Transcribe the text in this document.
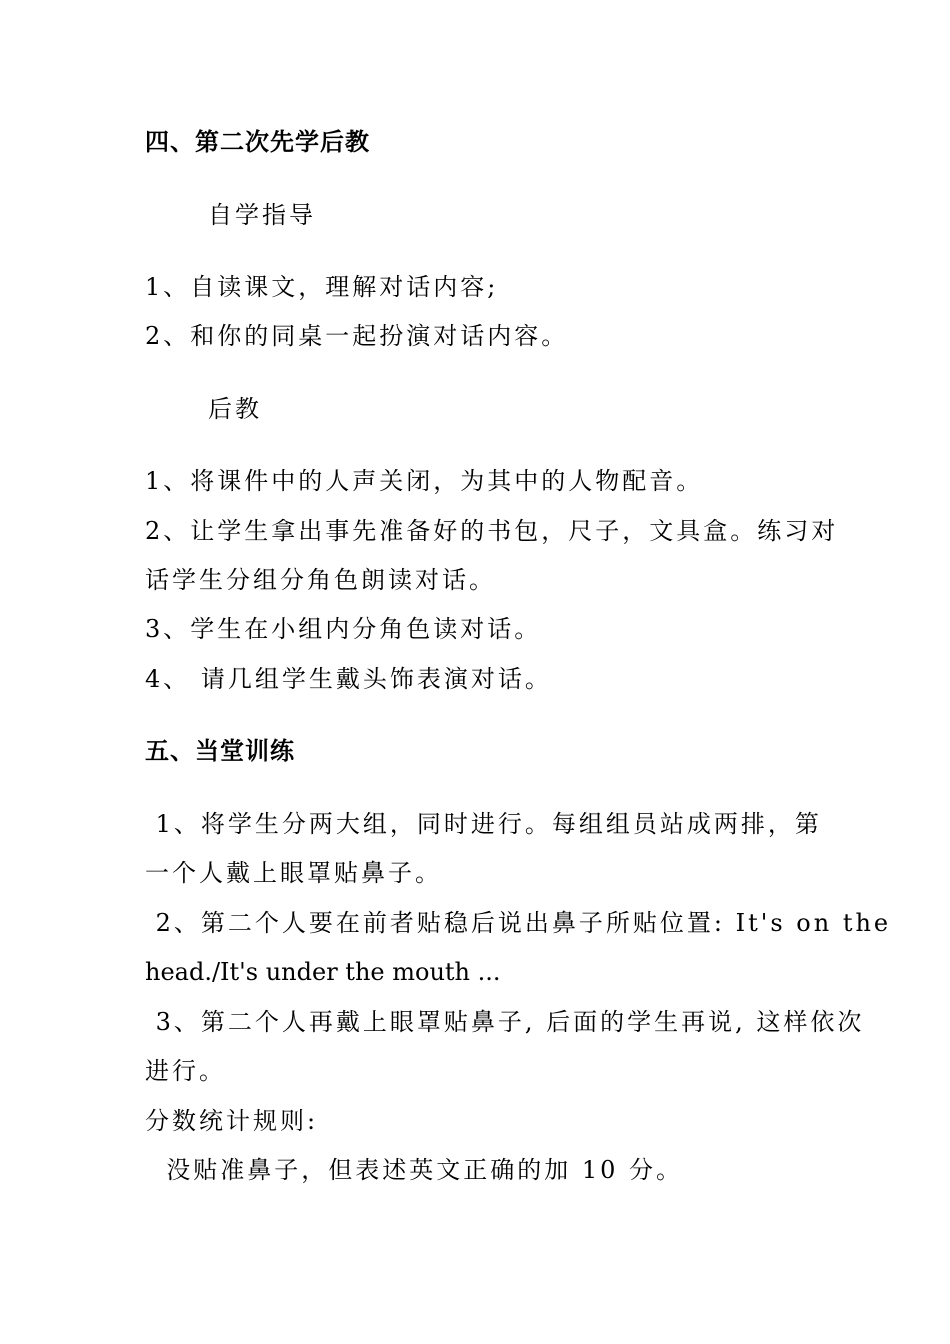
四、第二次先学后教
自学指导
1、自读课文，理解对话内容;
2、和你的同桌一起扮演对话内容。
后教
1、将课件中的人声关闭，为其中的人物配音。
2、让学生拿出事先准备好的书包，尺子，文具盒。练习对
话学生分组分角色朗读对话。
3、学生在小组内分角色读对话。
4、 请几组学生戴头饰表演对话。
五、当堂训练
1、将学生分两大组，同时进行。每组组员站成两排，第
一个人戴上眼罩贴鼻子。
2、第二个人要在前者贴稳后说出鼻子所贴位置: It's on the
head./It's under the mouth ...
3、第二个人再戴上眼罩贴鼻子, 后面的学生再说, 这样依次
进行。
分数统计规则:
没贴准鼻子，但表述英文正确的加 10 分。
